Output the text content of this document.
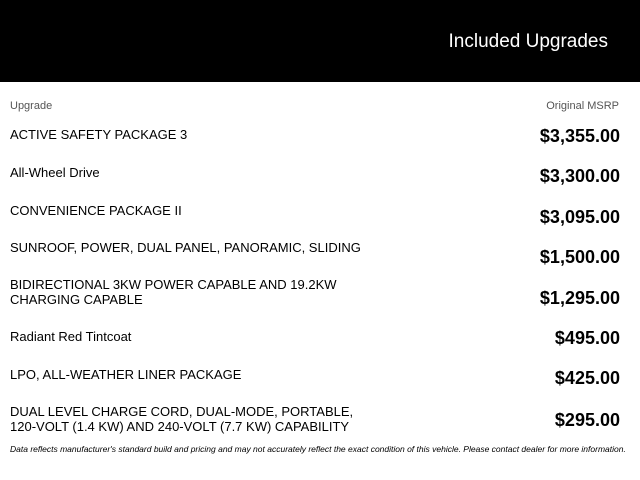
Included Upgrades
Upgrade	Original MSRP
ACTIVE SAFETY PACKAGE 3	$3,355.00
All-Wheel Drive	$3,300.00
CONVENIENCE PACKAGE II	$3,095.00
SUNROOF, POWER, DUAL PANEL, PANORAMIC, SLIDING	$1,500.00
BIDIRECTIONAL 3KW POWER CAPABLE AND 19.2KW CHARGING CAPABLE	$1,295.00
Radiant Red Tintcoat	$495.00
LPO, ALL-WEATHER LINER PACKAGE	$425.00
DUAL LEVEL CHARGE CORD, DUAL-MODE, PORTABLE, 120-VOLT (1.4 KW) AND 240-VOLT (7.7 KW) CAPABILITY	$295.00
Data reflects manufacturer's standard build and pricing and may not accurately reflect the exact condition of this vehicle. Please contact dealer for more information.
